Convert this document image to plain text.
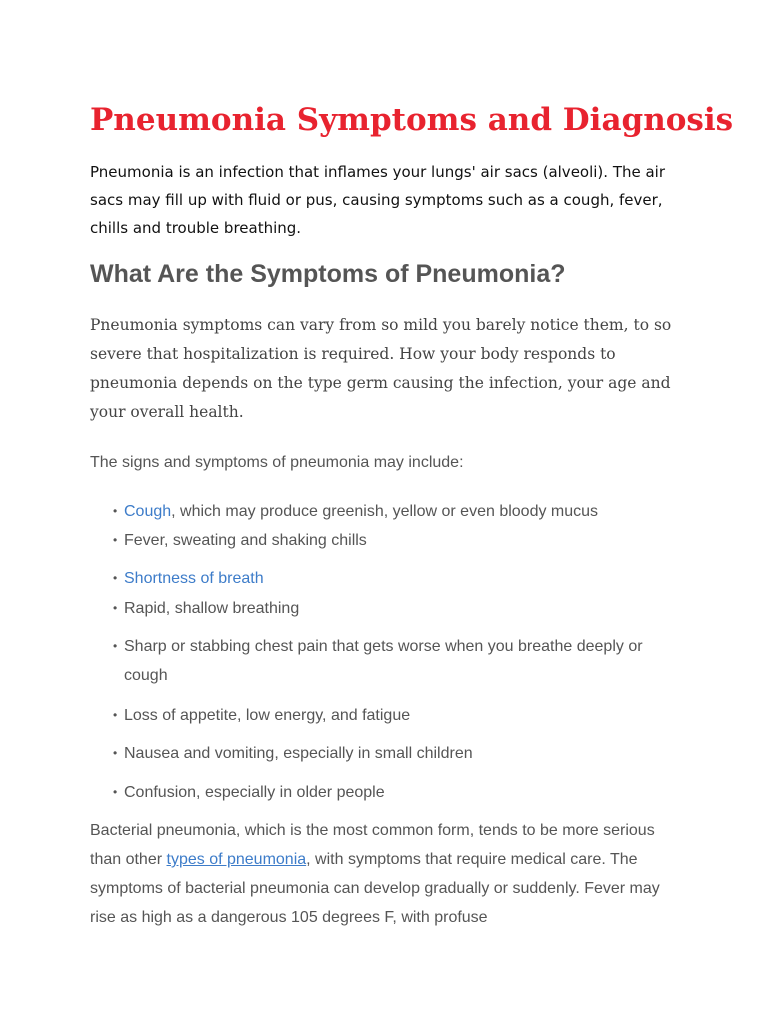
Pneumonia Symptoms and Diagnosis

Pneumonia is an infection that inflames your lungs' air sacs (alveoli). The air sacs may fill up with fluid or pus, causing symptoms such as a cough, fever, chills and trouble breathing.

What Are the Symptoms of Pneumonia?

Pneumonia symptoms can vary from so mild you barely notice them, to so severe that hospitalization is required. How your body responds to pneumonia depends on the type germ causing the infection, your age and your overall health.

The signs and symptoms of pneumonia may include:

• Cough, which may produce greenish, yellow or even bloody mucus
• Fever, sweating and shaking chills
• Shortness of breath
• Rapid, shallow breathing
• Sharp or stabbing chest pain that gets worse when you breathe deeply or cough
• Loss of appetite, low energy, and fatigue
• Nausea and vomiting, especially in small children
• Confusion, especially in older people

Bacterial pneumonia, which is the most common form, tends to be more serious than other types of pneumonia, with symptoms that require medical care. The symptoms of bacterial pneumonia can develop gradually or suddenly. Fever may rise as high as a dangerous 105 degrees F, with profuse
